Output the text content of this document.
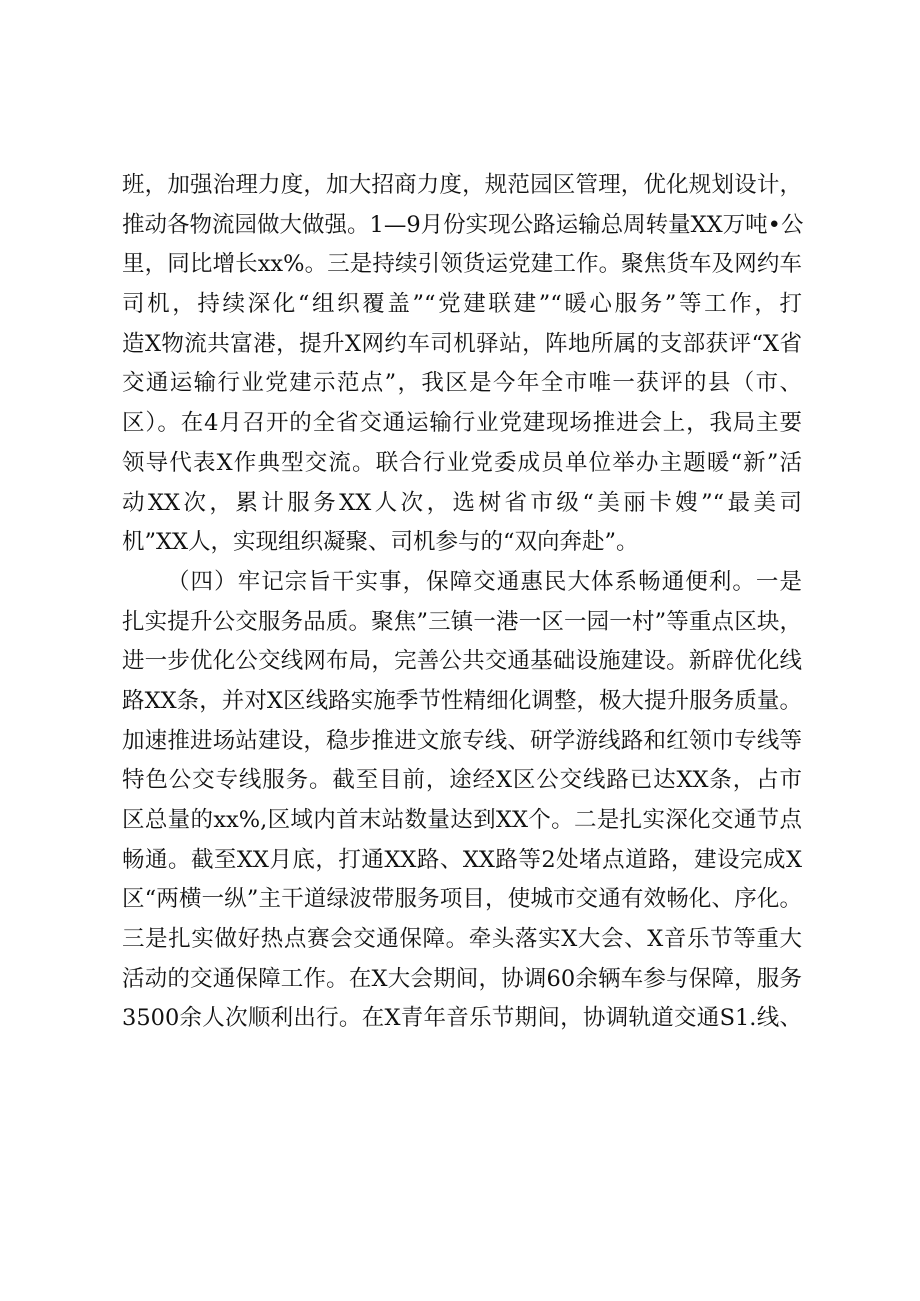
班，加强治理力度，加大招商力度，规范园区管理，优化规划设计，
推动各物流园做大做强。1—9月份实现公路运输总周转量XX万吨•公
里，同比增长xx%。三是持续引领货运党建工作。聚焦货车及网约车
司机，持续深化“组织覆盖”“党建联建”“暖心服务”等工作，打
造X物流共富港，提升X网约车司机驿站，阵地所属的支部获评“X省
交通运输行业党建示范点”，我区是今年全市唯一获评的县（市、
区）。在4月召开的全省交通运输行业党建现场推进会上，我局主要
领导代表X作典型交流。联合行业党委成员单位举办主题暖“新”活
动XX次，累计服务XX人次，选树省市级“美丽卡嫂”“最美司
机”XX人，实现组织凝聚、司机参与的“双向奔赴”。
（四）牢记宗旨干实事，保障交通惠民大体系畅通便利。一是
扎实提升公交服务品质。聚焦”三镇一港一区一园一村”等重点区块，
进一步优化公交线网布局，完善公共交通基础设施建设。新辟优化线
路XX条，并对X区线路实施季节性精细化调整，极大提升服务质量。
加速推进场站建设，稳步推进文旅专线、研学游线路和红领巾专线等
特色公交专线服务。截至目前，途经X区公交线路已达XX条，占市
区总量的xx%,区域内首末站数量达到XX个。二是扎实深化交通节点
畅通。截至XX月底，打通XX路、XX路等2处堵点道路，建设完成X
区“两横一纵”主干道绿波带服务项目，使城市交通有效畅化、序化。
三是扎实做好热点赛会交通保障。牵头落实X大会、X音乐节等重大
活动的交通保障工作。在X大会期间，协调60余辆车参与保障，服务
3500余人次顺利出行。在X青年音乐节期间，协调轨道交通S1.线、
